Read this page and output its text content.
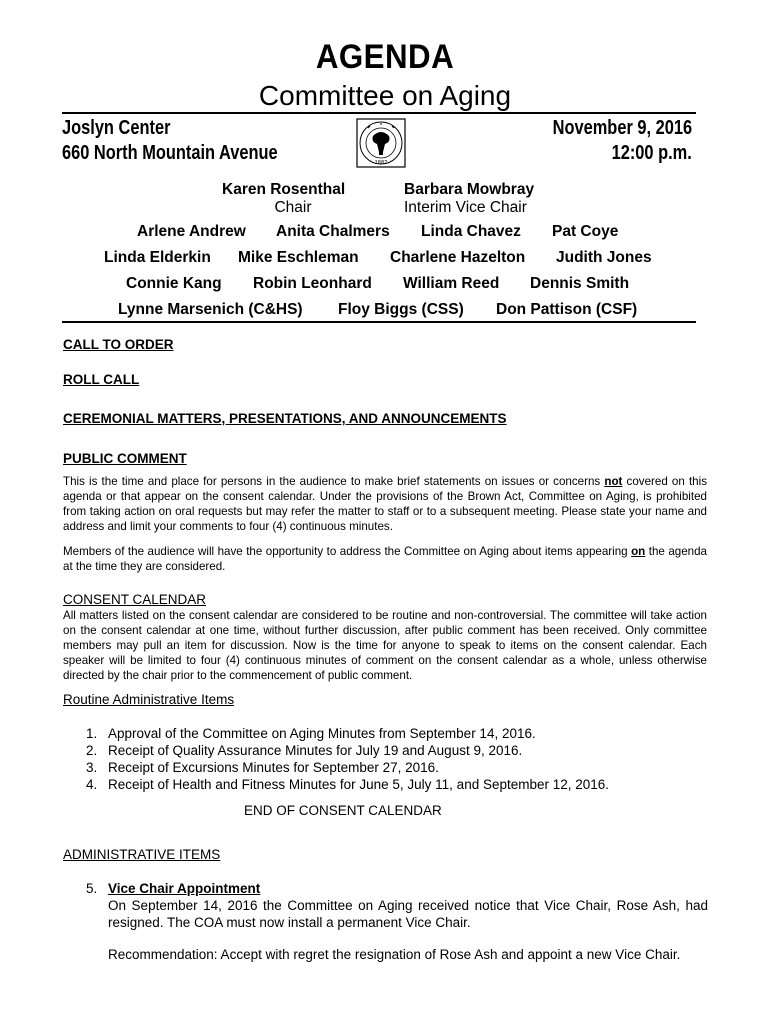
AGENDA
Committee on Aging
Joslyn Center
660 North Mountain Avenue
November 9, 2016
12:00 p.m.
1887
Karen Rosenthal
Chair
Barbara Mowbray
Interim Vice Chair
Arlene Andrew Anita Chalmers Linda Chavez Pat Coye
Linda Elderkin Mike Eschleman Charlene Hazelton Judith Jones
Connie Kang Robin Leonhard William Reed Dennis Smith
Lynne Marsenich (C&HS) Floy Biggs (CSS) Don Pattison (CSF)
CALL TO ORDER
ROLL CALL
CEREMONIAL MATTERS, PRESENTATIONS, AND ANNOUNCEMENTS
PUBLIC COMMENT
This is the time and place for persons in the audience to make brief statements on issues or concerns not covered on this agenda or that appear on the consent calendar. Under the provisions of the Brown Act, Committee on Aging, is prohibited from taking action on oral requests but may refer the matter to staff or to a subsequent meeting. Please state your name and address and limit your comments to four (4) continuous minutes.
Members of the audience will have the opportunity to address the Committee on Aging about items appearing on the agenda at the time they are considered.
CONSENT CALENDAR
All matters listed on the consent calendar are considered to be routine and non-controversial. The committee will take action on the consent calendar at one time, without further discussion, after public comment has been received. Only committee members may pull an item for discussion. Now is the time for anyone to speak to items on the consent calendar. Each speaker will be limited to four (4) continuous minutes of comment on the consent calendar as a whole, unless otherwise directed by the chair prior to the commencement of public comment.
Routine Administrative Items
1. Approval of the Committee on Aging Minutes from September 14, 2016.
2. Receipt of Quality Assurance Minutes for July 19 and August 9, 2016.
3. Receipt of Excursions Minutes for September 27, 2016.
4. Receipt of Health and Fitness Minutes for June 5, July 11, and September 12, 2016.
END OF CONSENT CALENDAR
ADMINISTRATIVE ITEMS
5. Vice Chair Appointment
On September 14, 2016 the Committee on Aging received notice that Vice Chair, Rose Ash, had resigned. The COA must now install a permanent Vice Chair.
Recommendation: Accept with regret the resignation of Rose Ash and appoint a new Vice Chair.
